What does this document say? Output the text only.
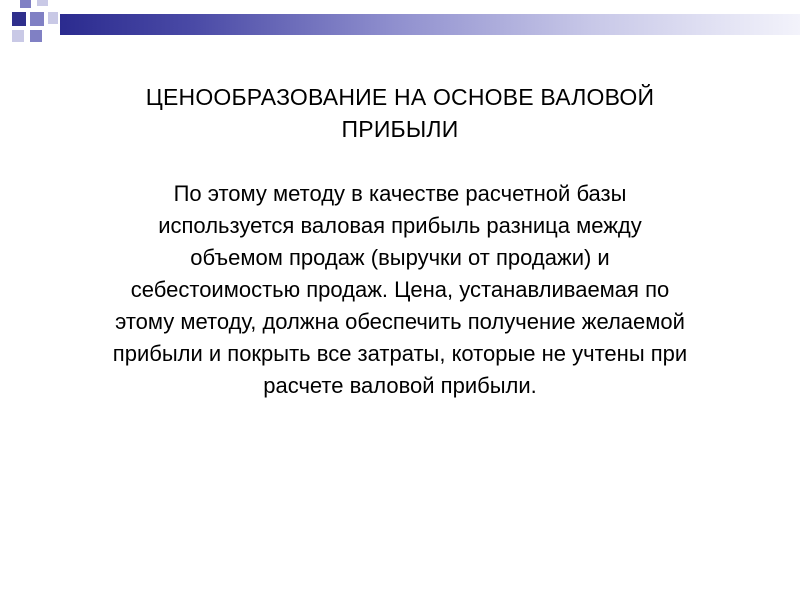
ЦЕНООБРАЗОВАНИЕ НА ОСНОВЕ ВАЛОВОЙ
ПРИБЫЛИ

По этому методу в качестве расчетной базы
используется валовая прибыль разница между
объемом продаж (выручки от продажи) и
себестоимостью продаж. Цена, устанавливаемая по
этому методу, должна обеспечить получение желаемой
прибыли и покрыть все затраты, которые не учтены при
расчете валовой прибыли.
